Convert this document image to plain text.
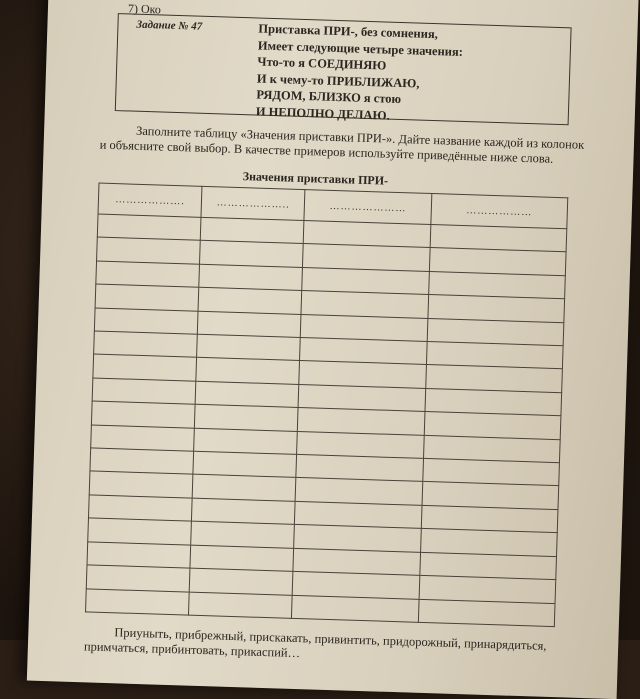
7) Око
Задание № 47	Приставка ПРИ-, без сомнения,
Имеет следующие четыре значения:
Что-то я СОЕДИНЯЮ
И к чему-то ПРИБЛИЖАЮ,
РЯДОМ, БЛИЗКО я стою
И НЕПОЛНО ДЕЛАЮ.
Заполните таблицу «Значения приставки ПРИ-». Дайте название каждой из колонок и объясните свой выбор. В качестве примеров используйте приведённые ниже слова.
Значения приставки ПРИ-
……………….	………………..	…………………	………………

Приуныть, прибрежный, прискакать, привинтить, придорожный, принарядиться, примчаться, прибинтовать, прикаспий…
